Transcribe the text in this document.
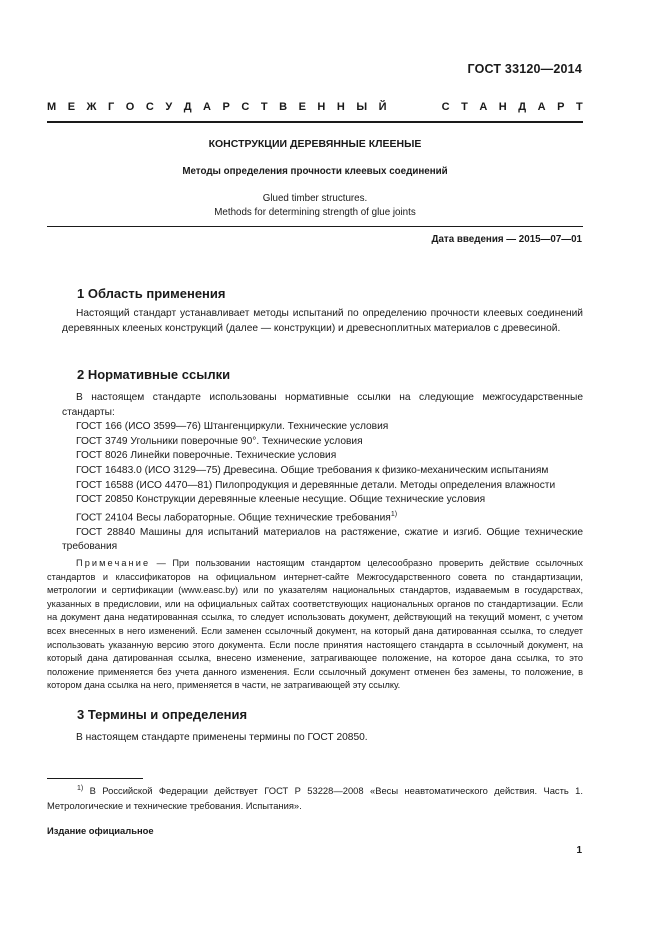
ГОСТ 33120—2014
М Е Ж Г О С У Д А Р С Т В Е Н Н Ы Й	С Т А Н Д А Р Т
КОНСТРУКЦИИ ДЕРЕВЯННЫЕ КЛЕЕНЫЕ
Методы определения прочности клеевых соединений
Glued timber structures.
Methods for determining strength of glue joints
Дата введения — 2015—07—01
1 Область применения

Настоящий стандарт устанавливает методы испытаний по определению прочности клеевых соединений деревянных клееных конструкций (далее — конструкции) и древесноплитных материалов с древесиной.

2 Нормативные ссылки

В настоящем стандарте использованы нормативные ссылки на следующие межгосударственные стандарты:

ГОСТ 166 (ИСО 3599—76) Штангенциркули. Технические условия
ГОСТ 3749 Угольники поверочные 90°. Технические условия
ГОСТ 8026 Линейки поверочные. Технические условия
ГОСТ 16483.0 (ИСО 3129—75) Древесина. Общие требования к физико-механическим испытаниям

ГОСТ 16588 (ИСО 4470—81) Пилопродукция и деревянные детали. Методы определения влажности

ГОСТ 20850 Конструкции деревянные клееные несущие. Общие технические условия
ГОСТ 24104 Весы лабораторные. Общие технические требования$^{1)}$

ГОСТ 28840 Машины для испытаний материалов на растяжение, сжатие и изгиб. Общие технические требования

Примечание — При пользовании настоящим стандартом целесообразно проверить действие ссылочных стандартов и классификаторов на официальном интернет-сайте Межгосударственного совета по стандартизации, метрологии и сертификации (www.easc.by) или по указателям национальных стандартов, издаваемым в государствах, указанных в предисловии, или на официальных сайтах соответствующих национальных органов по стандартизации. Если на документ дана недатированная ссылка, то следует использовать документ, действующий на текущий момент, с учетом всех внесенных в него изменений. Если заменен ссылочный документ, на который дана датированная ссылка, то следует использовать указанную версию этого документа. Если после принятия настоящего стандарта в ссылочный документ, на который дана датированная ссылка, внесено изменение, затрагивающее положение, на которое дана ссылка, то это положение применяется без учета данного изменения. Если ссылочный документ отменен без замены, то положение, в котором дана ссылка на него, применяется в части, не затрагивающей эту ссылку.

3 Термины и определения

В настоящем стандарте применены термины по ГОСТ 20850.

$^{1)}$ В Российской Федерации действует ГОСТ Р 53228—2008 «Весы неавтоматического действия. Часть 1. Метрологические и технические требования. Испытания».

Издание официальное
1
